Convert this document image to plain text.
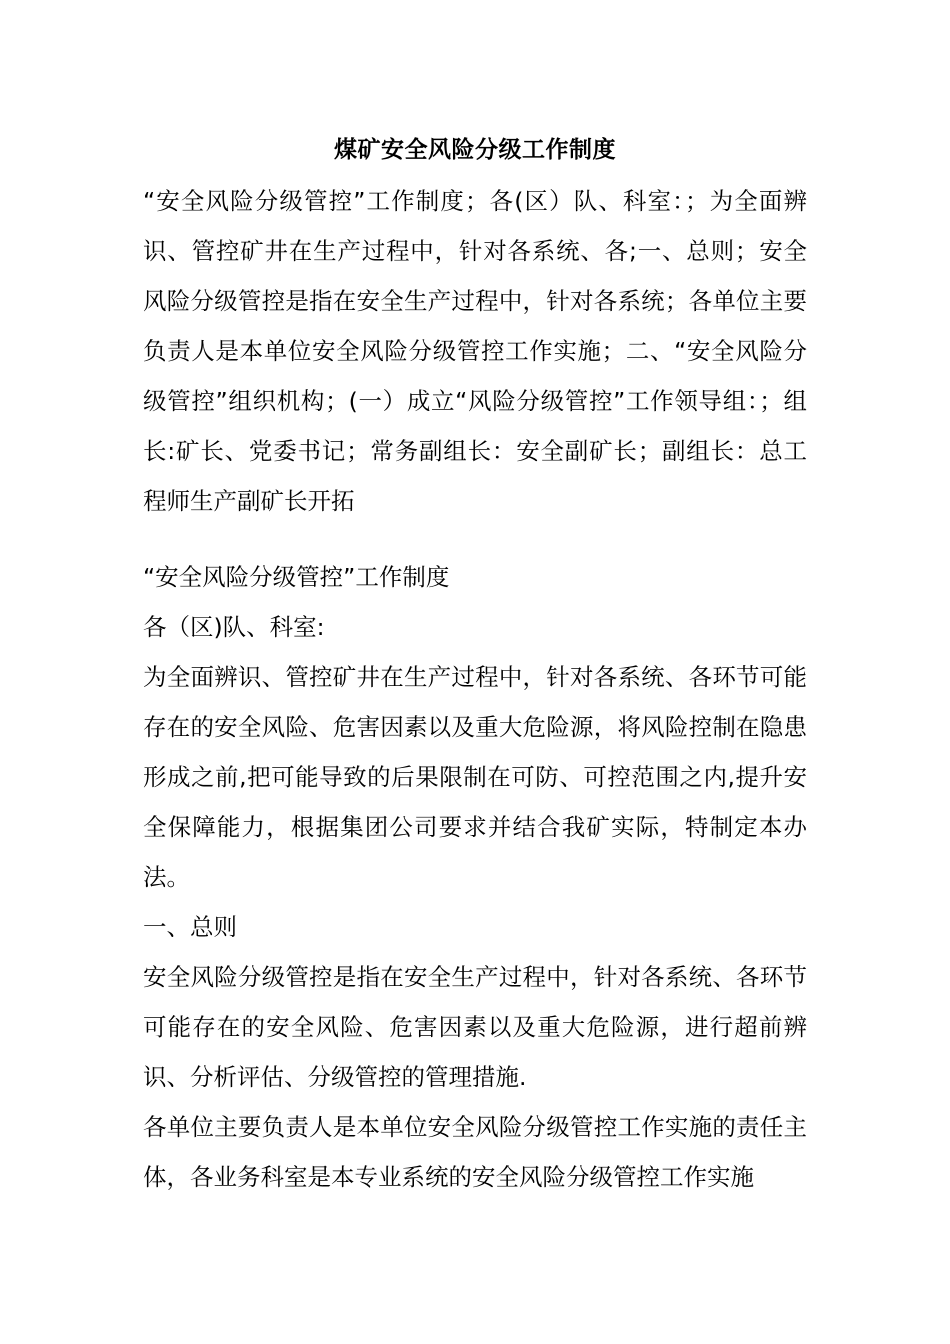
煤矿安全风险分级工作制度

“安全风险分级管控”工作制度；各(区）队、科室：；为全面辨识、管控矿井在生产过程中，针对各系统、各;一、总则；安全风险分级管控是指在安全生产过程中，针对各系统；各单位主要负责人是本单位安全风险分级管控工作实施；二、“安全风险分级管控”组织机构；(一）成立“风险分级管控”工作领导组：；组长:矿长、党委书记；常务副组长：安全副矿长；副组长：总工程师生产副矿长开拓

“安全风险分级管控”工作制度

各（区)队、科室:

为全面辨识、管控矿井在生产过程中，针对各系统、各环节可能存在的安全风险、危害因素以及重大危险源，将风险控制在隐患形成之前,把可能导致的后果限制在可防、可控范围之内,提升安全保障能力，根据集团公司要求并结合我矿实际，特制定本办法。

一、总则

安全风险分级管控是指在安全生产过程中，针对各系统、各环节可能存在的安全风险、危害因素以及重大危险源，进行超前辨识、分析评估、分级管控的管理措施.

各单位主要负责人是本单位安全风险分级管控工作实施的责任主体，各业务科室是本专业系统的安全风险分级管控工作实施
